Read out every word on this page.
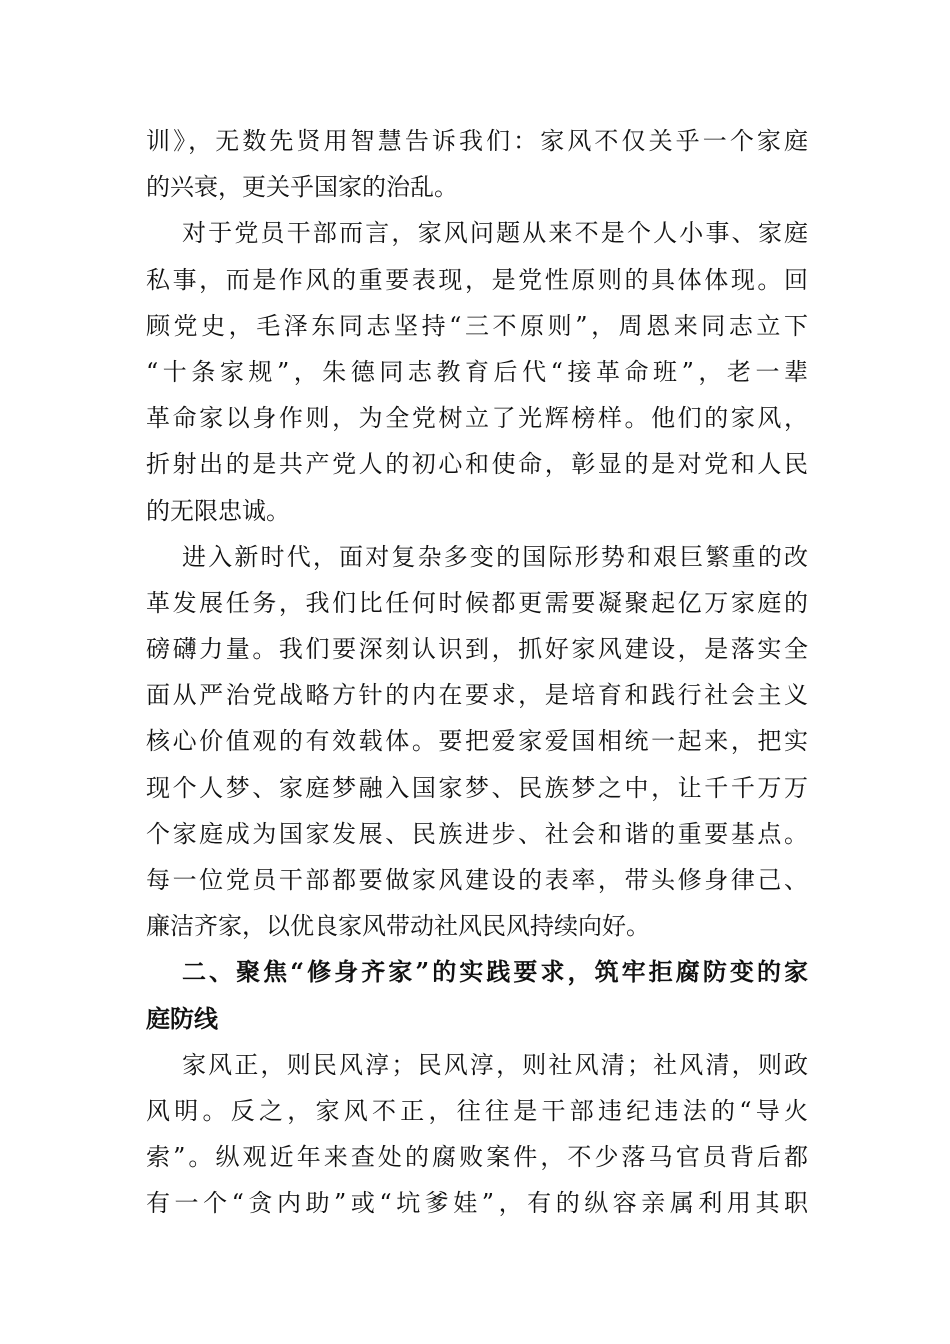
训》，无数先贤用智慧告诉我们：家风不仅关乎一个家庭
的兴衰，更关乎国家的治乱。
对于党员干部而言，家风问题从来不是个人小事、家庭
私事，而是作风的重要表现，是党性原则的具体体现。回
顾党史，毛泽东同志坚持“三不原则”，周恩来同志立下
“十条家规”，朱德同志教育后代“接革命班”，老一辈
革命家以身作则，为全党树立了光辉榜样。他们的家风，
折射出的是共产党人的初心和使命，彰显的是对党和人民
的无限忠诚。
进入新时代，面对复杂多变的国际形势和艰巨繁重的改
革发展任务，我们比任何时候都更需要凝聚起亿万家庭的
磅礴力量。我们要深刻认识到，抓好家风建设，是落实全
面从严治党战略方针的内在要求，是培育和践行社会主义
核心价值观的有效载体。要把爱家爱国相统一起来，把实
现个人梦、家庭梦融入国家梦、民族梦之中，让千千万万
个家庭成为国家发展、民族进步、社会和谐的重要基点。
每一位党员干部都要做家风建设的表率，带头修身律己、
廉洁齐家，以优良家风带动社风民风持续向好。
二、聚焦“修身齐家”的实践要求，筑牢拒腐防变的家
庭防线
家风正，则民风淳；民风淳，则社风清；社风清，则政
风明。反之，家风不正，往往是干部违纪违法的“导火
索”。纵观近年来查处的腐败案件，不少落马官员背后都
有一个“贪内助”或“坑爹娃”，有的纵容亲属利用其职
